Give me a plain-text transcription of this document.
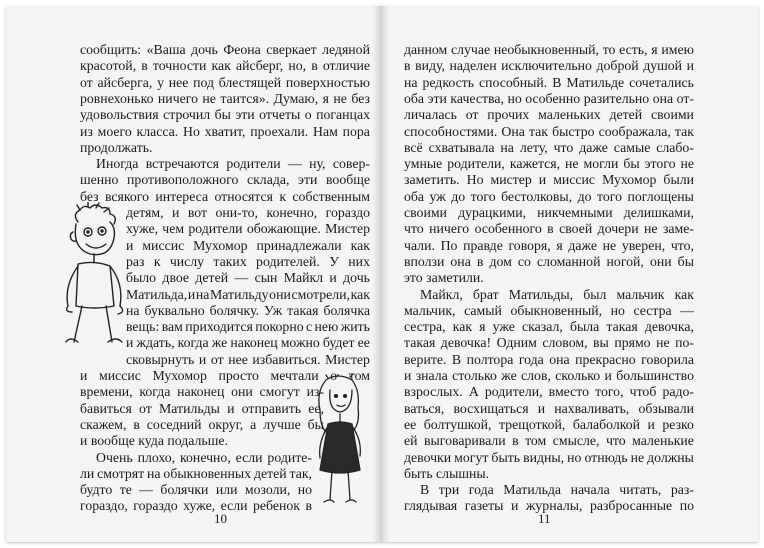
сообщить: «Ваша дочь Феона сверкает ледяной
красотой, в точности как айсберг, но, в отличие
от айсберга, у нее под блестящей поверхностью
ровнехонько ничего не таится». Думаю, я не без
удовольствия строчил бы эти отчеты о поганцах
из моего класса. Но хватит, проехали. Нам пора
продолжать.
Иногда встречаются родители — ну, совер-
шенно противоположного склада, эти вообще
без всякого интереса относятся к собственным
детям, и вот они-то, конечно, гораздо
хуже, чем родители обожающие. Мистер
и миссис Мухомор принадлежали как
раз к числу таких родителей. У них
было двое детей — сын Майкл и дочь
Матильда, и на Матильду они смотрели, как
на буквально болячку. Уж такая болячка
вещь: вам приходится покорно с нею жить
и ждать, когда же наконец можно будет ее
сковырнуть и от нее избавиться. Мистер
и миссис Мухомор просто мечтали о том
времени, когда наконец они смогут из-
бавиться от Матильды и отправить ее,
скажем, в соседний округ, а лучше бы
и вообще куда подальше.
Очень плохо, конечно, если родите-
ли смотрят на обыкновенных детей так,
будто те — болячки или мозоли, но
гораздо, гораздо хуже, если ребенок в
10
данном случае необыкновенный, то есть, я имею
в виду, наделен исключительно доброй душой и
на редкость способный. В Матильде сочетались
оба эти качества, но особенно разительно она от-
личалась от прочих маленьких детей своими
способностями. Она так быстро соображала, так
всё схватывала на лету, что даже самые слабо-
умные родители, кажется, не могли бы этого не
заметить. Но мистер и миссис Мухомор были
оба уж до того бестолковы, до того поглощены
своими дурацкими, никчемными делишками,
что ничего особенного в своей дочери не заме-
чали. По правде говоря, я даже не уверен, что,
вползи она в дом со сломанной ногой, они бы
это заметили.
Майкл, брат Матильды, был мальчик как
мальчик, самый обыкновенный, но сестра —
сестра, как я уже сказал, была такая девочка,
такая девочка! Одним словом, вы прямо не по-
верите. В полтора года она прекрасно говорила
и знала столько же слов, сколько и большинство
взрослых. А родители, вместо того, чтоб радо-
ваться, восхищаться и нахваливать, обзывали
ее болтушкой, трещоткой, балаболкой и резко
ей выговаривали в том смысле, что маленькие
девочки могут быть видны, но отнюдь не должны
быть слышны.
В три года Матильда начала читать, раз-
глядывая газеты и журналы, разбросанные по
11
